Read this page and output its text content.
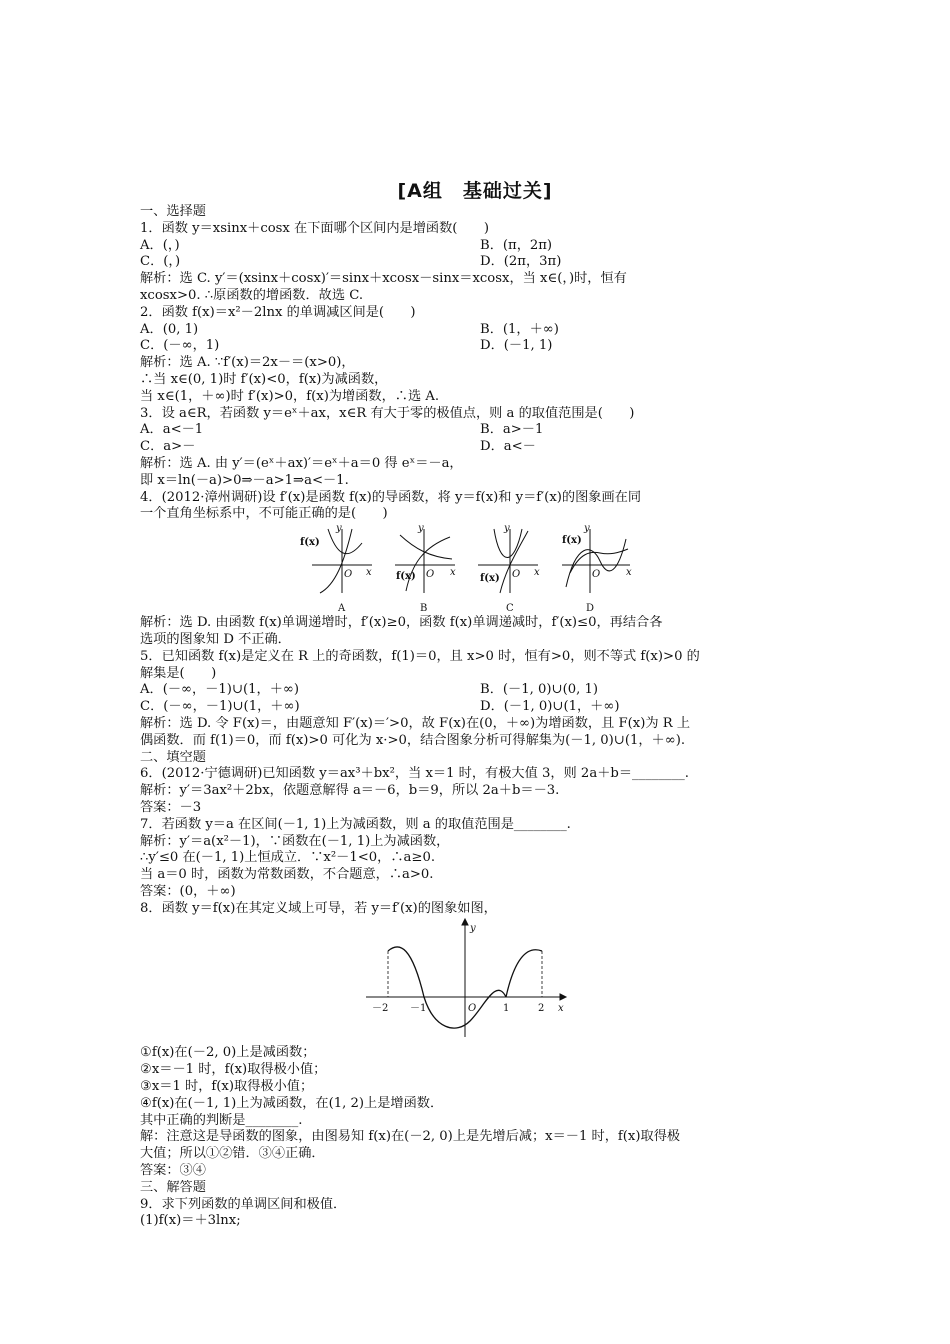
[A组　基础过关]
一、选择题
1．函数 y＝xsinx＋cosx 在下面哪个区间内是增函数(　　)
A．(，)	B．(π，2π)
C．(，)	D．(2π，3π)
解析：选 C. y′＝(xsinx＋cosx)′＝sinx＋xcosx－sinx＝xcosx，当 x∈(，)时，恒有
xcosx>0. ∴原函数的增函数．故选 C.
2．函数 f(x)＝x²－2lnx 的单调减区间是(　　)
A．(0, 1)	B．(1，＋∞)
C．(－∞，1)	D．(－1, 1)
解析：选 A. ∵f′(x)＝2x－＝(x>0)，
∴当 x∈(0, 1)时 f′(x)<0，f(x)为减函数，
当 x∈(1，＋∞)时 f′(x)>0，f(x)为增函数，∴选 A.
3．设 a∈R，若函数 y＝eˣ＋ax，x∈R 有大于零的极值点，则 a 的取值范围是(　　)
A．a<－1	B．a>－1
C．a>－	D．a<－
解析：选 A. 由 y′＝(eˣ＋ax)′＝eˣ＋a＝0 得 eˣ＝－a，
即 x＝ln(－a)>0⇒－a>1⇒a<－1.
4．(2012·漳州调研)设 f′(x)是函数 f(x)的导函数，将 y＝f(x)和 y＝f′(x)的图象画在同
一个直角坐标系中，不可能正确的是(　　)
f(x)
y
x
O
A
y
x
O
f(x)
B
y
x
O
f(x)
C
f(x)
y
x
O
D
解析：选 D. 由函数 f(x)单调递增时，f′(x)≥0，函数 f(x)单调递减时，f′(x)≤0，再结合各
选项的图象知 D 不正确．
5．已知函数 f(x)是定义在 R 上的奇函数，f(1)＝0，且 x>0 时，恒有>0，则不等式 f(x)>0 的
解集是(　　)
A．(－∞，－1)∪(1，＋∞)	B．(－1, 0)∪(0, 1)
C．(－∞，－1)∪(1，＋∞)	D．(－1, 0)∪(1，＋∞)
解析：选 D. 令 F(x)＝，由题意知 F′(x)＝′>0，故 F(x)在(0，＋∞)为增函数，且 F(x)为 R 上
偶函数．而 f(1)＝0，而 f(x)>0 可化为 x·>0，结合图象分析可得解集为(－1, 0)∪(1，＋∞).
二、填空题
6．(2012·宁德调研)已知函数 y＝ax³＋bx²，当 x＝1 时，有极大值 3，则 2a＋b＝________.
解析：y′＝3ax²＋2bx，依题意解得 a＝－6，b＝9，所以 2a＋b＝－3.
答案：－3
7．若函数 y＝a 在区间(－1, 1)上为减函数，则 a 的取值范围是________.
解析：y′＝a(x²－1)，∵函数在(－1, 1)上为减函数，
∴y′≤0 在(－1, 1)上恒成立．∵x²－1<0，∴a≥0.
当 a＝0 时，函数为常数函数，不合题意，∴a>0.
答案：(0，＋∞)
8．函数 y＝f(x)在其定义域上可导，若 y＝f′(x)的图象如图，
y
x
O
－2 －1	1	2
①f(x)在(－2, 0)上是减函数；
②x＝－1 时，f(x)取得极小值；
③x＝1 时，f(x)取得极小值；
④f(x)在(－1, 1)上为减函数，在(1, 2)上是增函数．
其中正确的判断是________.
解：注意这是导函数的图象，由图易知 f(x)在(－2, 0)上是先增后减；x＝－1 时，f(x)取得极
大值；所以①②错．③④正确．
答案：③④
三、解答题
9．求下列函数的单调区间和极值．
(1)f(x)＝＋3lnx;
